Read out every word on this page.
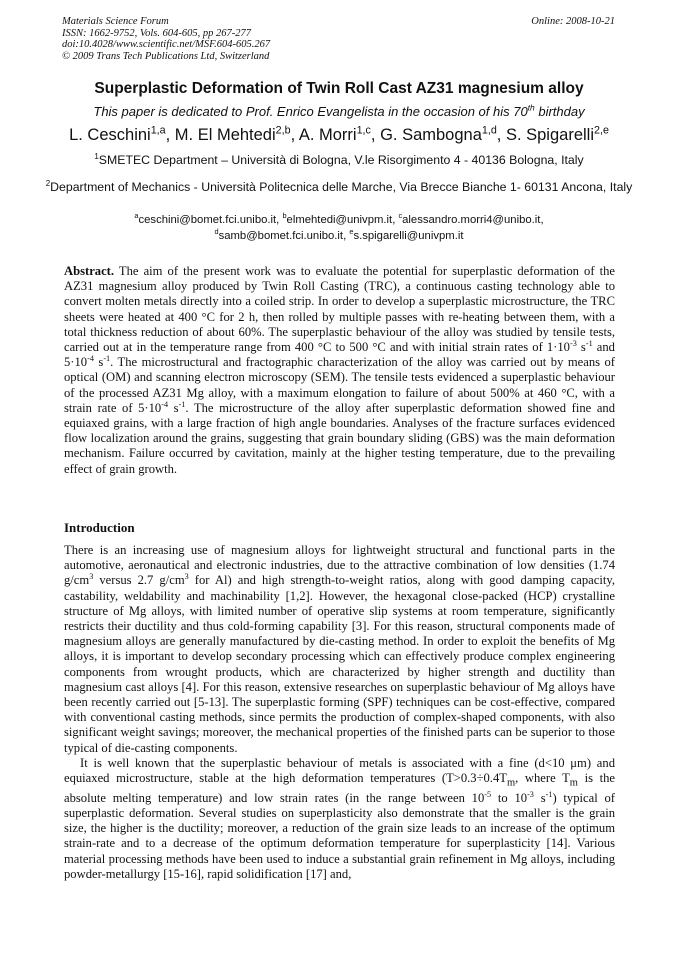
Materials Science Forum
ISSN: 1662-9752, Vols. 604-605, pp 267-277
doi:10.4028/www.scientific.net/MSF.604-605.267
© 2009 Trans Tech Publications Ltd, Switzerland
Online: 2008-10-21
Superplastic Deformation of Twin Roll Cast AZ31 magnesium alloy
This paper is dedicated to Prof. Enrico Evangelista in the occasion of his 70th birthday
L. Ceschini$^{1,a}$, M. El Mehtedi$^{2,b}$, A. Morri$^{1,c}$, G. Sambogna$^{1,d}$, S. Spigarelli$^{2,e}$
$^1$SMETEC Department – Università di Bologna, V.le Risorgimento 4 - 40136 Bologna, Italy
$^2$Department of Mechanics - Università Politecnica delle Marche, Via Brecce Bianche 1- 60131 Ancona, Italy
$^a$ceschini@bomet.fci.unibo.it, $^b$elmehtedi@univpm.it, $^c$alessandro.morri4@unibo.it,
$^d$samb@bomet.fci.unibo.it, $^e$s.spigarelli@univpm.it
Abstract. The aim of the present work was to evaluate the potential for superplastic deformation of the AZ31 magnesium alloy produced by Twin Roll Casting (TRC), a continuous casting technology able to convert molten metals directly into a coiled strip. In order to develop a superplastic microstructure, the TRC sheets were heated at 400 °C for 2 h, then rolled by multiple passes with re-heating between them, with a total thickness reduction of about 60%. The superplastic behaviour of the alloy was studied by tensile tests, carried out at in the temperature range from 400 °C to 500 °C and with initial strain rates of $1\cdot 10^{-3}$ $s^{-1}$ and $5\cdot 10^{-4}$ $s^{-1}$. The microstructural and fractographic characterization of the alloy was carried out by means of optical (OM) and scanning electron microscopy (SEM). The tensile tests evidenced a superplastic behaviour of the processed AZ31 Mg alloy, with a maximum elongation to failure of about 500% at 460 °C, with a strain rate of $5\cdot 10^{-4}$ $s^{-1}$. The microstructure of the alloy after superplastic deformation showed fine and equiaxed grains, with a large fraction of high angle boundaries. Analyses of the fracture surfaces evidenced flow localization around the grains, suggesting that grain boundary sliding (GBS) was the main deformation mechanism. Failure occurred by cavitation, mainly at the higher testing temperature, due to the prevailing effect of grain growth.
Introduction

There is an increasing use of magnesium alloys for lightweight structural and functional parts in the automotive, aeronautical and electronic industries, due to the attractive combination of low densities (1.74 $g/cm^3$ versus 2.7 $g/cm^3$ for Al) and high strength-to-weight ratios, along with good damping capacity, castability, weldability and machinability [1,2]. However, the hexagonal close-packed (HCP) crystalline structure of Mg alloys, with limited number of operative slip systems at room temperature, significantly restricts their ductility and thus cold-forming capability [3]. For this reason, structural components made of magnesium alloys are generally manufactured by die-casting method. In order to exploit the benefits of Mg alloys, it is important to develop secondary processing which can effectively produce complex engineering components from wrought products, which are characterized by higher strength and ductility than magnesium cast alloys [4]. For this reason, extensive researches on superplastic behaviour of Mg alloys have been recently carried out [5-13]. The superplastic forming (SPF) techniques can be cost-effective, compared with conventional casting methods, since permits the production of complex-shaped components, with also significant weight savings; moreover, the mechanical properties of the finished parts can be superior to those typical of die-casting components.

It is well known that the superplastic behaviour of metals is associated with a fine (d<10 μm) and equiaxed microstructure, stable at the high deformation temperatures ($T>0.3\div 0.4T_m$, where $T_m$ is the absolute melting temperature) and low strain rates (in the range between $10^{-5}$ to $10^{-3}$ $s^{-1}$) typical of superplastic deformation. Several studies on superplasticity also demonstrate that the smaller is the grain size, the higher is the ductility; moreover, a reduction of the grain size leads to an increase of the optimum strain-rate and to a decrease of the optimum deformation temperature for superplasticity [14]. Various material processing methods have been used to induce a substantial grain refinement in Mg alloys, including powder-metallurgy [15-16], rapid solidification [17] and,
